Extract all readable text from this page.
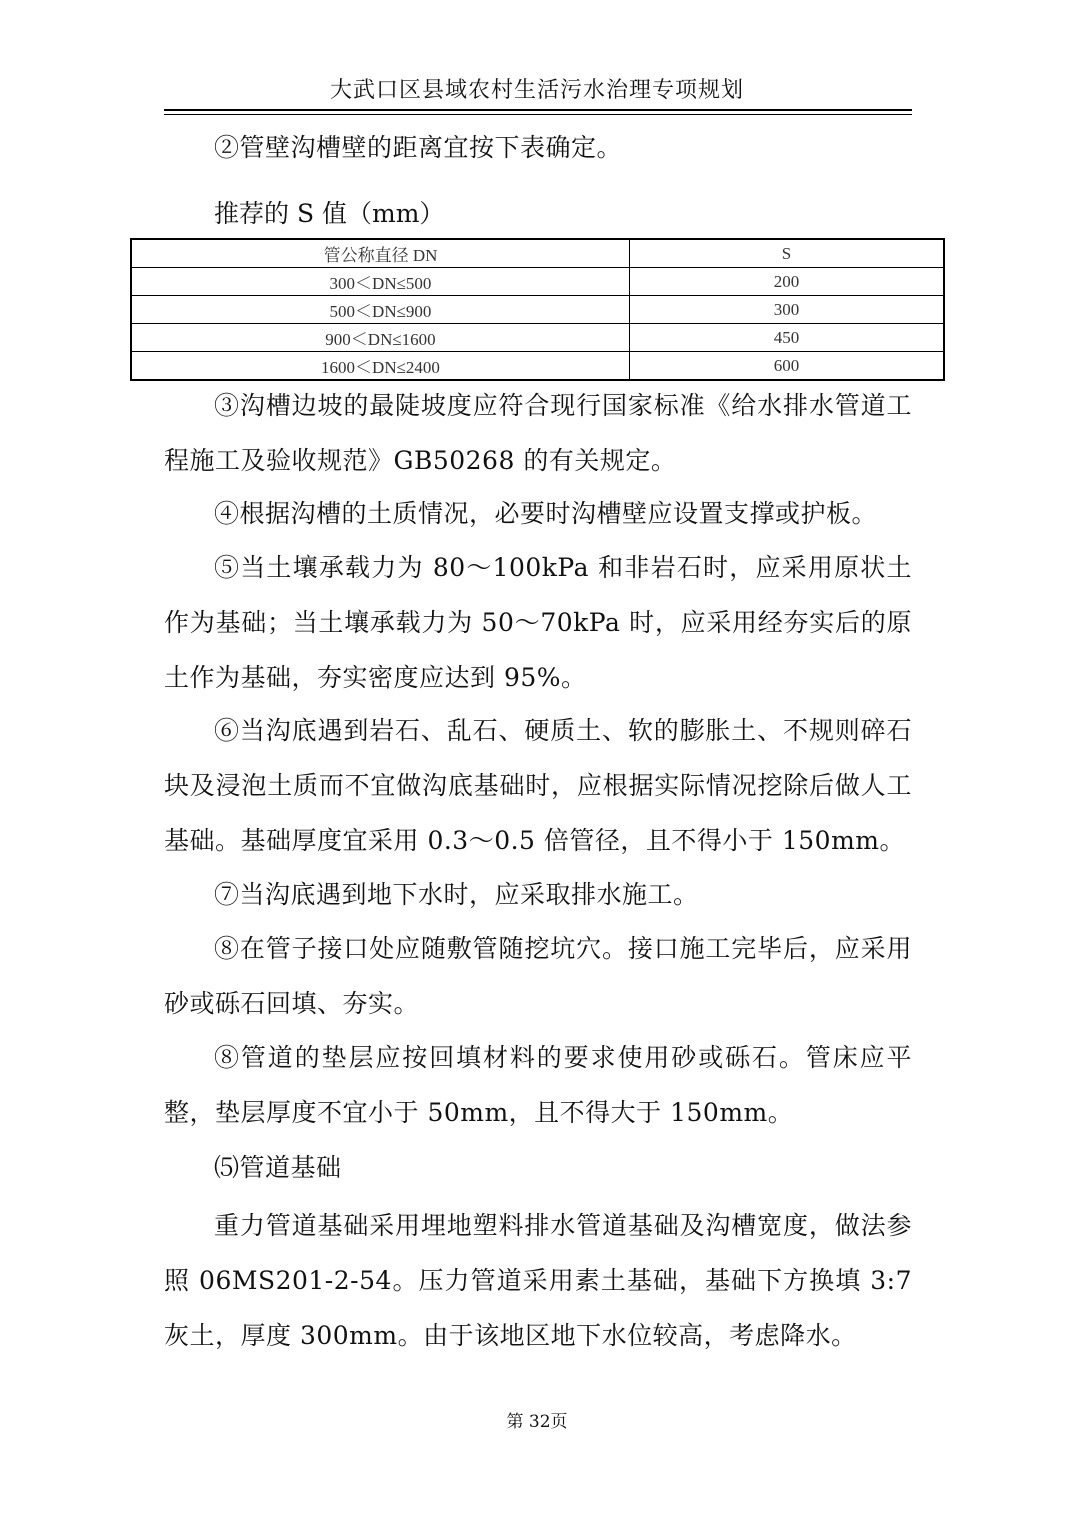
大武口区县域农村生活污水治理专项规划

②管壁沟槽壁的距离宜按下表确定。

推荐的 S 值（mm）
管公称直径 DN	S
300＜DN≤500	200
500＜DN≤900	300
900＜DN≤1600	450
1600＜DN≤2400	600

③沟槽边坡的最陡坡度应符合现行国家标准《给水排水管道工程施工及验收规范》GB50268 的有关规定。

④根据沟槽的土质情况，必要时沟槽壁应设置支撑或护板。

⑤当土壤承载力为 80～100kPa 和非岩石时，应采用原状土作为基础；当土壤承载力为 50～70kPa 时，应采用经夯实后的原土作为基础，夯实密度应达到 95%。

⑥当沟底遇到岩石、乱石、硬质土、软的膨胀土、不规则碎石块及浸泡土质而不宜做沟底基础时，应根据实际情况挖除后做人工基础。基础厚度宜采用 0.3～0.5 倍管径，且不得小于 150mm。

⑦当沟底遇到地下水时，应采取排水施工。

⑧在管子接口处应随敷管随挖坑穴。接口施工完毕后，应采用砂或砾石回填、夯实。

⑧管道的垫层应按回填材料的要求使用砂或砾石。管床应平整，垫层厚度不宜小于 50mm，且不得大于 150mm。

⑸管道基础

重力管道基础采用埋地塑料排水管道基础及沟槽宽度，做法参照 06MS201-2-54。压力管道采用素土基础，基础下方换填 3:7 灰土，厚度 300mm。由于该地区地下水位较高，考虑降水。

第 32页
